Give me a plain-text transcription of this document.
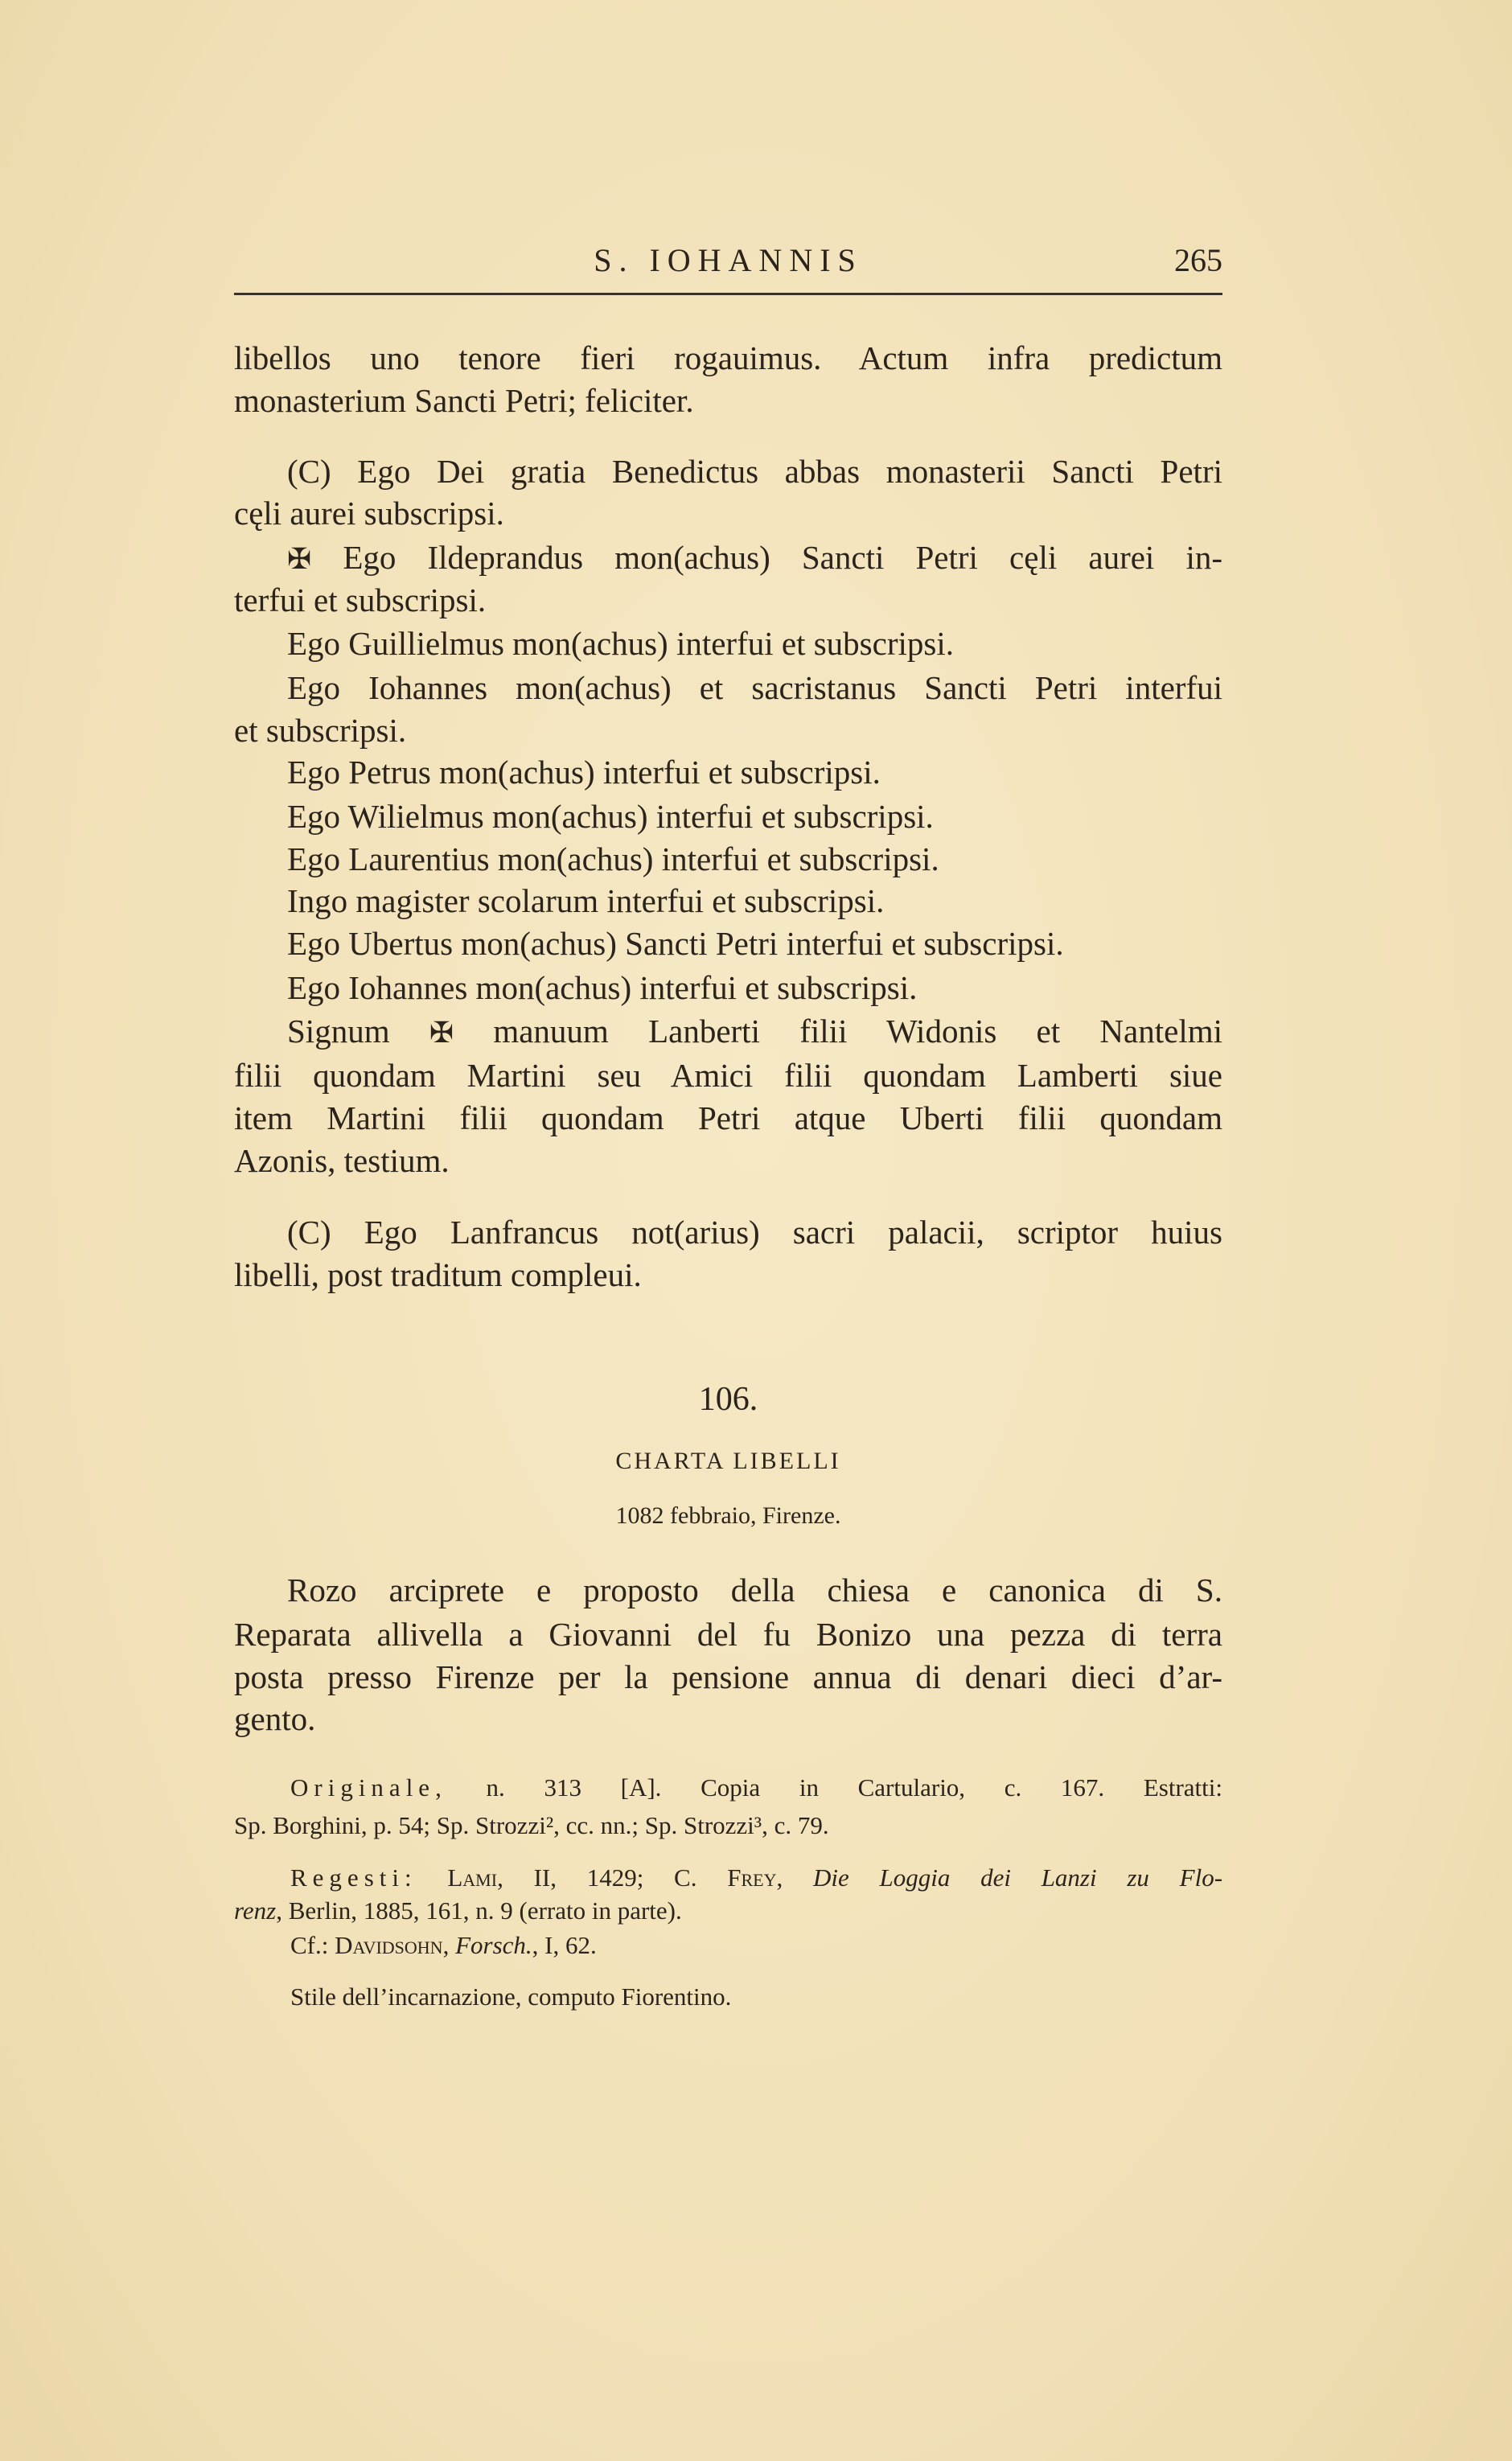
S. IOHANNIS	265
libellos uno tenore fieri rogauimus. Actum infra predictum
monasterium Sancti Petri; feliciter.
(C) Ego Dei gratia Benedictus abbas monasterii Sancti Petri
cęli aurei subscripsi.
✠ Ego Ildeprandus mon(achus) Sancti Petri cęli aurei in-
terfui et subscripsi.
Ego Guillielmus mon(achus) interfui et subscripsi.
Ego Iohannes mon(achus) et sacristanus Sancti Petri interfui
et subscripsi.
Ego Petrus mon(achus) interfui et subscripsi.
Ego Wilielmus mon(achus) interfui et subscripsi.
Ego Laurentius mon(achus) interfui et subscripsi.
Ingo magister scolarum interfui et subscripsi.
Ego Ubertus mon(achus) Sancti Petri interfui et subscripsi.
Ego Iohannes mon(achus) interfui et subscripsi.
Signum ✠ manuum Lanberti filii Widonis et Nantelmi
filii quondam Martini seu Amici filii quondam Lamberti siue
item Martini filii quondam Petri atque Uberti filii quondam
Azonis, testium.
(C) Ego Lanfrancus not(arius) sacri palacii, scriptor huius
libelli, post traditum compleui.
106.
CHARTA LIBELLI
1082 febbraio, Firenze.
Rozo arciprete e proposto della chiesa e canonica di S.
Reparata allivella a Giovanni del fu Bonizo una pezza di terra
posta presso Firenze per la pensione annua di denari dieci d’ar-
gento.
Originale, n. 313 [A]. Copia in Cartulario, c. 167. Estratti:
Sp. Borghini, p. 54; Sp. Strozzi², cc. nn.; Sp. Strozzi³, c. 79.
Regesti: Lami, II, 1429; C. Frey, Die Loggia dei Lanzi zu Flo-
renz, Berlin, 1885, 161, n. 9 (errato in parte).
Cf.: Davidsohn, Forsch., I, 62.
Stile dell’incarnazione, computo Fiorentino.
